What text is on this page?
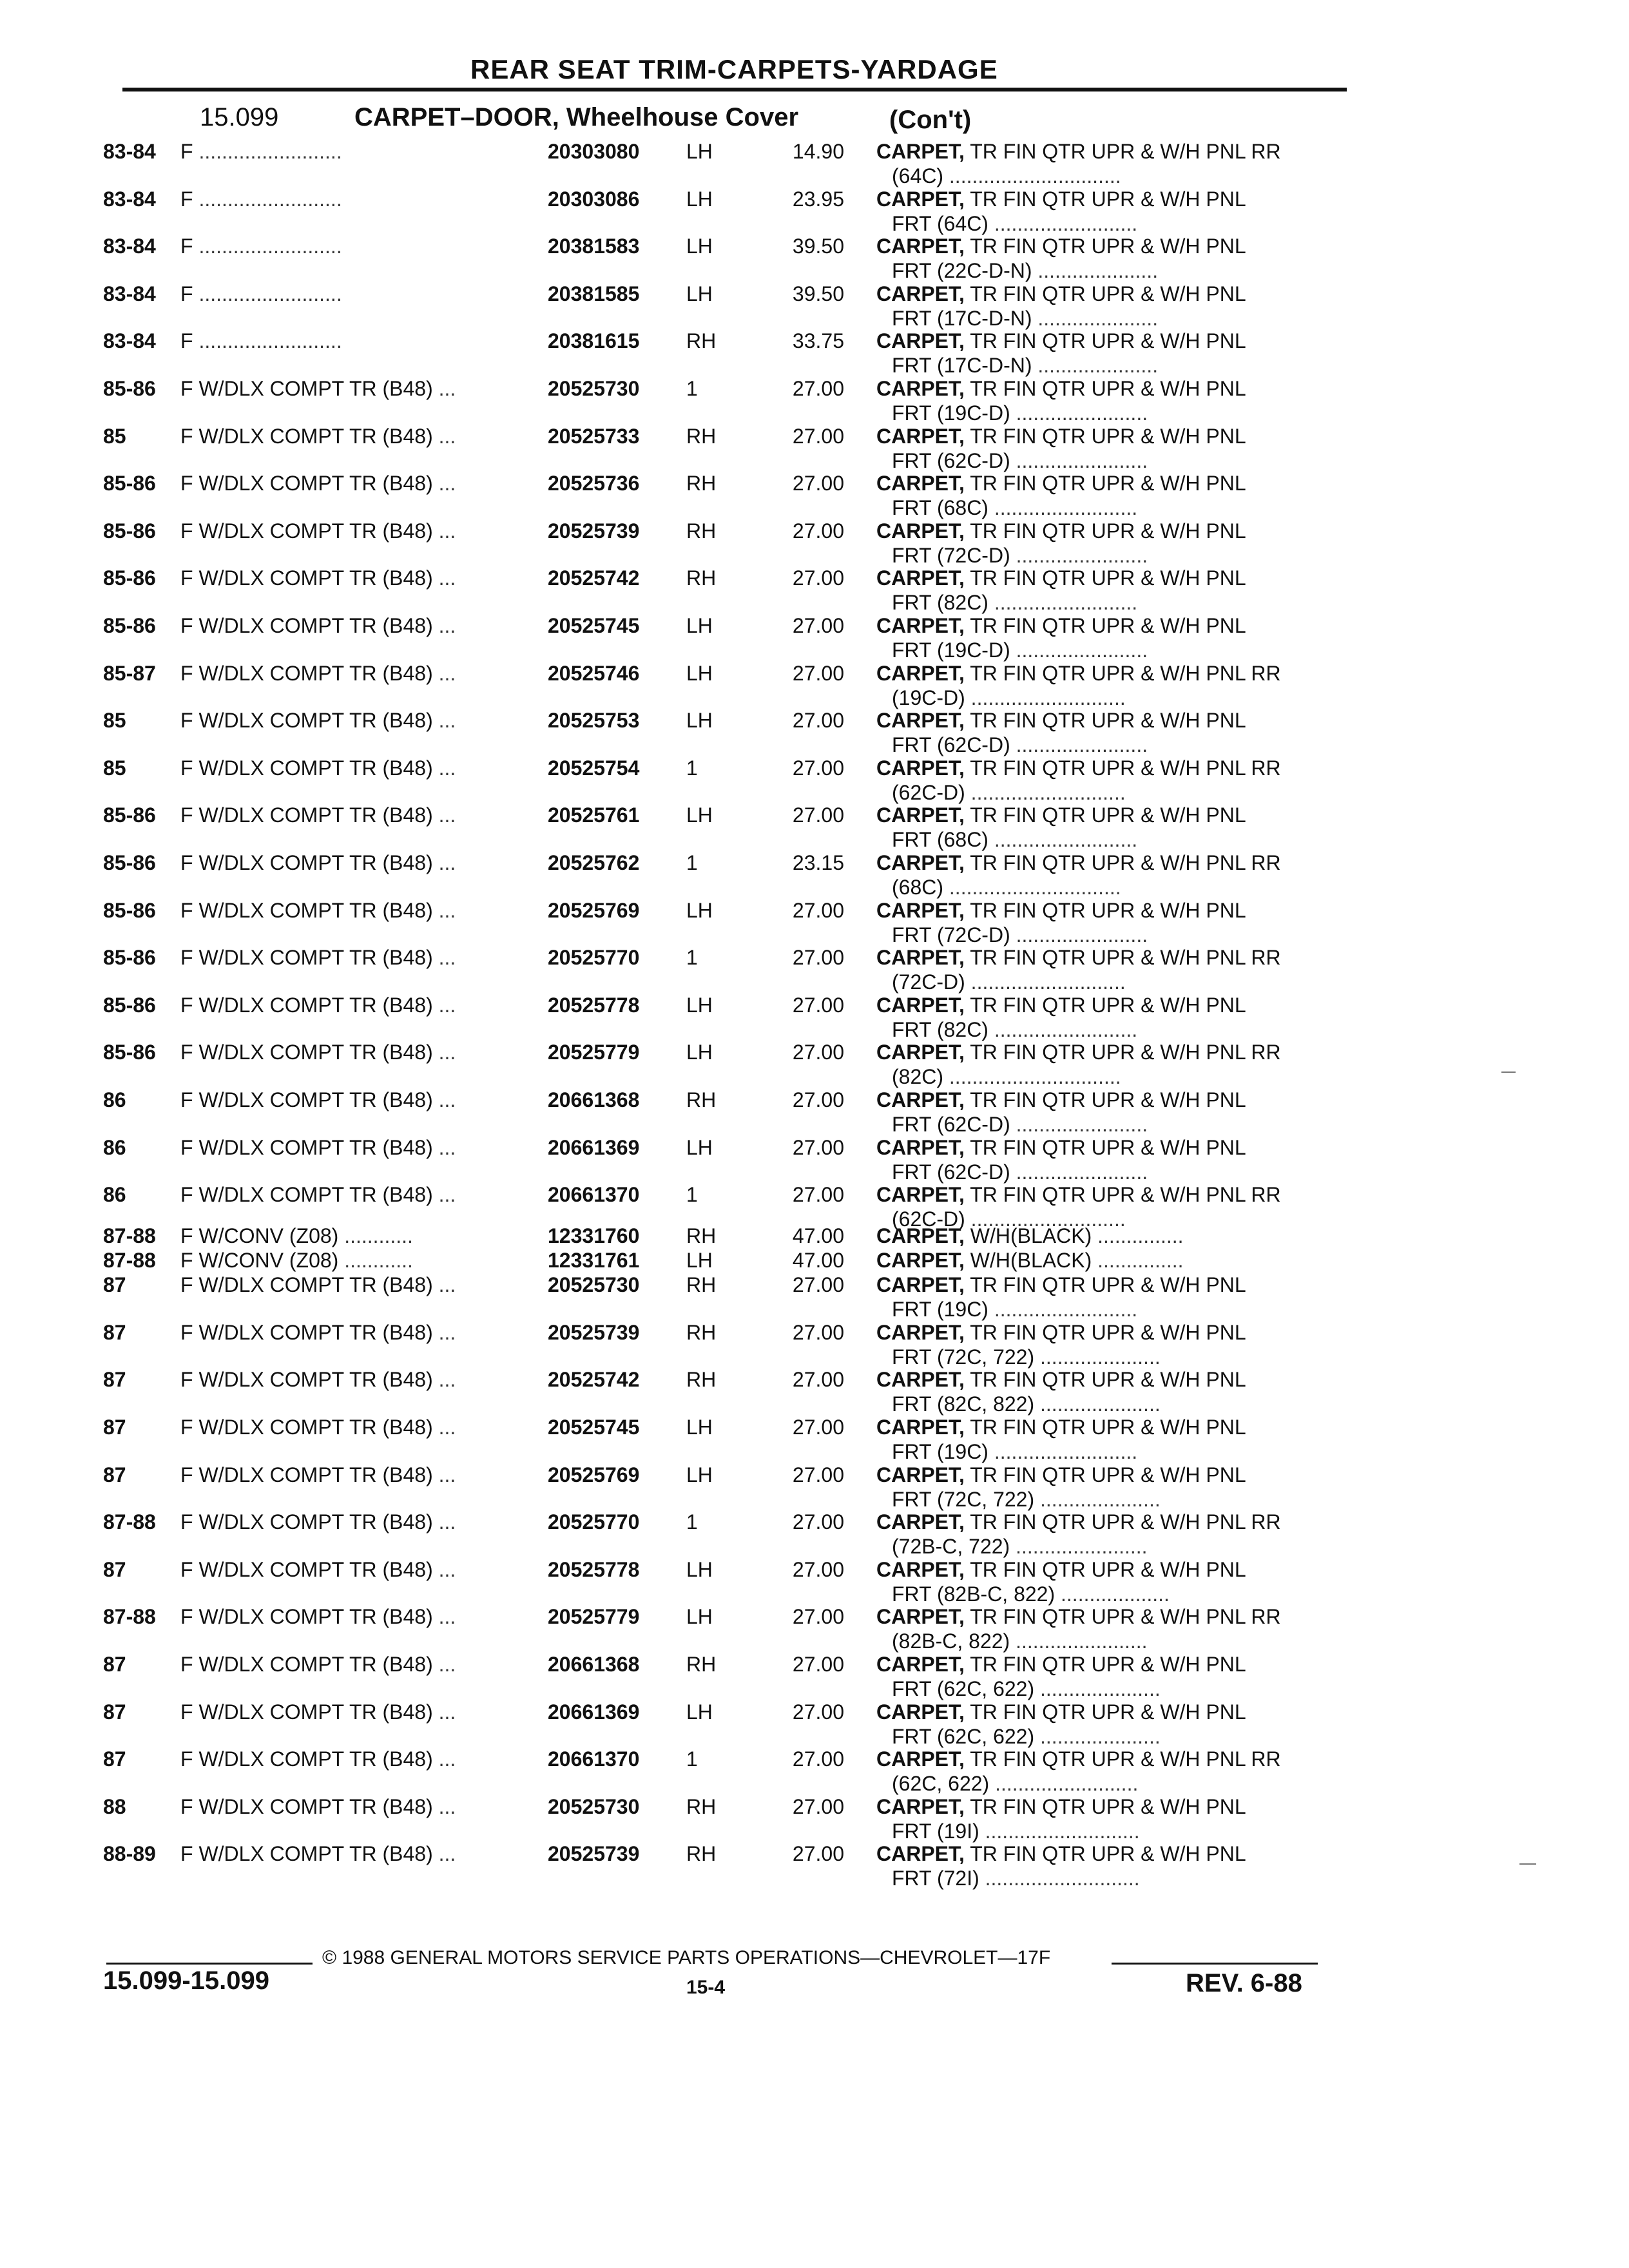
REAR SEAT TRIM-CARPETS-YARDAGE
15.099	CARPET–DOOR, Wheelhouse Cover	(Con't)
83-84	F .........................	20303080	LH	14.90 CARPET, TR FIN QTR UPR & W/H PNL RR
(64C) ..............................
83-84	F .........................	20303086	LH	23.95 CARPET, TR FIN QTR UPR & W/H PNL
FRT (64C) .........................
83-84	F .........................	20381583	LH	39.50 CARPET, TR FIN QTR UPR & W/H PNL
FRT (22C-D-N) .....................
83-84	F .........................	20381585	LH	39.50 CARPET, TR FIN QTR UPR & W/H PNL
FRT (17C-D-N) .....................
83-84	F .........................	20381615	RH	33.75 CARPET, TR FIN QTR UPR & W/H PNL
FRT (17C-D-N) .....................
85-86	F W/DLX COMPT TR (B48) ...	20525730	1	27.00 CARPET, TR FIN QTR UPR & W/H PNL
FRT (19C-D) .......................
85	F W/DLX COMPT TR (B48) ...	20525733	RH	27.00 CARPET, TR FIN QTR UPR & W/H PNL
FRT (62C-D) .......................
85-86	F W/DLX COMPT TR (B48) ...	20525736	RH	27.00 CARPET, TR FIN QTR UPR & W/H PNL
FRT (68C) .........................
85-86	F W/DLX COMPT TR (B48) ...	20525739	RH	27.00 CARPET, TR FIN QTR UPR & W/H PNL
FRT (72C-D) .......................
85-86	F W/DLX COMPT TR (B48) ...	20525742	RH	27.00 CARPET, TR FIN QTR UPR & W/H PNL
FRT (82C) .........................
85-86	F W/DLX COMPT TR (B48) ...	20525745	LH	27.00 CARPET, TR FIN QTR UPR & W/H PNL
FRT (19C-D) .......................
85-87	F W/DLX COMPT TR (B48) ...	20525746	LH	27.00 CARPET, TR FIN QTR UPR & W/H PNL RR
(19C-D) ...........................
85	F W/DLX COMPT TR (B48) ...	20525753	LH	27.00 CARPET, TR FIN QTR UPR & W/H PNL
FRT (62C-D) .......................
85	F W/DLX COMPT TR (B48) ...	20525754	1	27.00 CARPET, TR FIN QTR UPR & W/H PNL RR
(62C-D) ...........................
85-86	F W/DLX COMPT TR (B48) ...	20525761	LH	27.00 CARPET, TR FIN QTR UPR & W/H PNL
FRT (68C) .........................
85-86	F W/DLX COMPT TR (B48) ...	20525762	1	23.15 CARPET, TR FIN QTR UPR & W/H PNL RR
(68C) ..............................
85-86	F W/DLX COMPT TR (B48) ...	20525769	LH	27.00 CARPET, TR FIN QTR UPR & W/H PNL
FRT (72C-D) .......................
85-86	F W/DLX COMPT TR (B48) ...	20525770	1	27.00 CARPET, TR FIN QTR UPR & W/H PNL RR
(72C-D) ...........................
85-86	F W/DLX COMPT TR (B48) ...	20525778	LH	27.00 CARPET, TR FIN QTR UPR & W/H PNL
FRT (82C) .........................
85-86	F W/DLX COMPT TR (B48) ...	20525779	LH	27.00 CARPET, TR FIN QTR UPR & W/H PNL RR
(82C) ..............................
86	F W/DLX COMPT TR (B48) ...	20661368	RH	27.00 CARPET, TR FIN QTR UPR & W/H PNL
FRT (62C-D) .......................
86	F W/DLX COMPT TR (B48) ...	20661369	LH	27.00 CARPET, TR FIN QTR UPR & W/H PNL
FRT (62C-D) .......................
86	F W/DLX COMPT TR (B48) ...	20661370	1	27.00 CARPET, TR FIN QTR UPR & W/H PNL RR
(62C-D) ...........................
87-88	F W/CONV (Z08) ............	12331760	RH	47.00 CARPET, W/H(BLACK) ...............
87-88	F W/CONV (Z08) ............	12331761	LH	47.00 CARPET, W/H(BLACK) ...............
87	F W/DLX COMPT TR (B48) ...	20525730	RH	27.00 CARPET, TR FIN QTR UPR & W/H PNL
FRT (19C) .........................
87	F W/DLX COMPT TR (B48) ...	20525739	RH	27.00 CARPET, TR FIN QTR UPR & W/H PNL
FRT (72C, 722) .....................
87	F W/DLX COMPT TR (B48) ...	20525742	RH	27.00 CARPET, TR FIN QTR UPR & W/H PNL
FRT (82C, 822) .....................
87	F W/DLX COMPT TR (B48) ...	20525745	LH	27.00 CARPET, TR FIN QTR UPR & W/H PNL
FRT (19C) .........................
87	F W/DLX COMPT TR (B48) ...	20525769	LH	27.00 CARPET, TR FIN QTR UPR & W/H PNL
FRT (72C, 722) .....................
87-88	F W/DLX COMPT TR (B48) ...	20525770	1	27.00 CARPET, TR FIN QTR UPR & W/H PNL RR
(72B-C, 722) .......................
87	F W/DLX COMPT TR (B48) ...	20525778	LH	27.00 CARPET, TR FIN QTR UPR & W/H PNL
FRT (82B-C, 822) ...................
87-88	F W/DLX COMPT TR (B48) ...	20525779	LH	27.00 CARPET, TR FIN QTR UPR & W/H PNL RR
(82B-C, 822) .......................
87	F W/DLX COMPT TR (B48) ...	20661368	RH	27.00 CARPET, TR FIN QTR UPR & W/H PNL
FRT (62C, 622) .....................
87	F W/DLX COMPT TR (B48) ...	20661369	LH	27.00 CARPET, TR FIN QTR UPR & W/H PNL
FRT (62C, 622) .....................
87	F W/DLX COMPT TR (B48) ...	20661370	1	27.00 CARPET, TR FIN QTR UPR & W/H PNL RR
(62C, 622) .........................
88	F W/DLX COMPT TR (B48) ...	20525730	RH	27.00 CARPET, TR FIN QTR UPR & W/H PNL
FRT (19I) ...........................
88-89	F W/DLX COMPT TR (B48) ...	20525739	RH	27.00 CARPET, TR FIN QTR UPR & W/H PNL
FRT (72I) ...........................
© 1988 GENERAL MOTORS SERVICE PARTS OPERATIONS—CHEVROLET—17F
15.099-15.099	15-4	REV. 6-88
